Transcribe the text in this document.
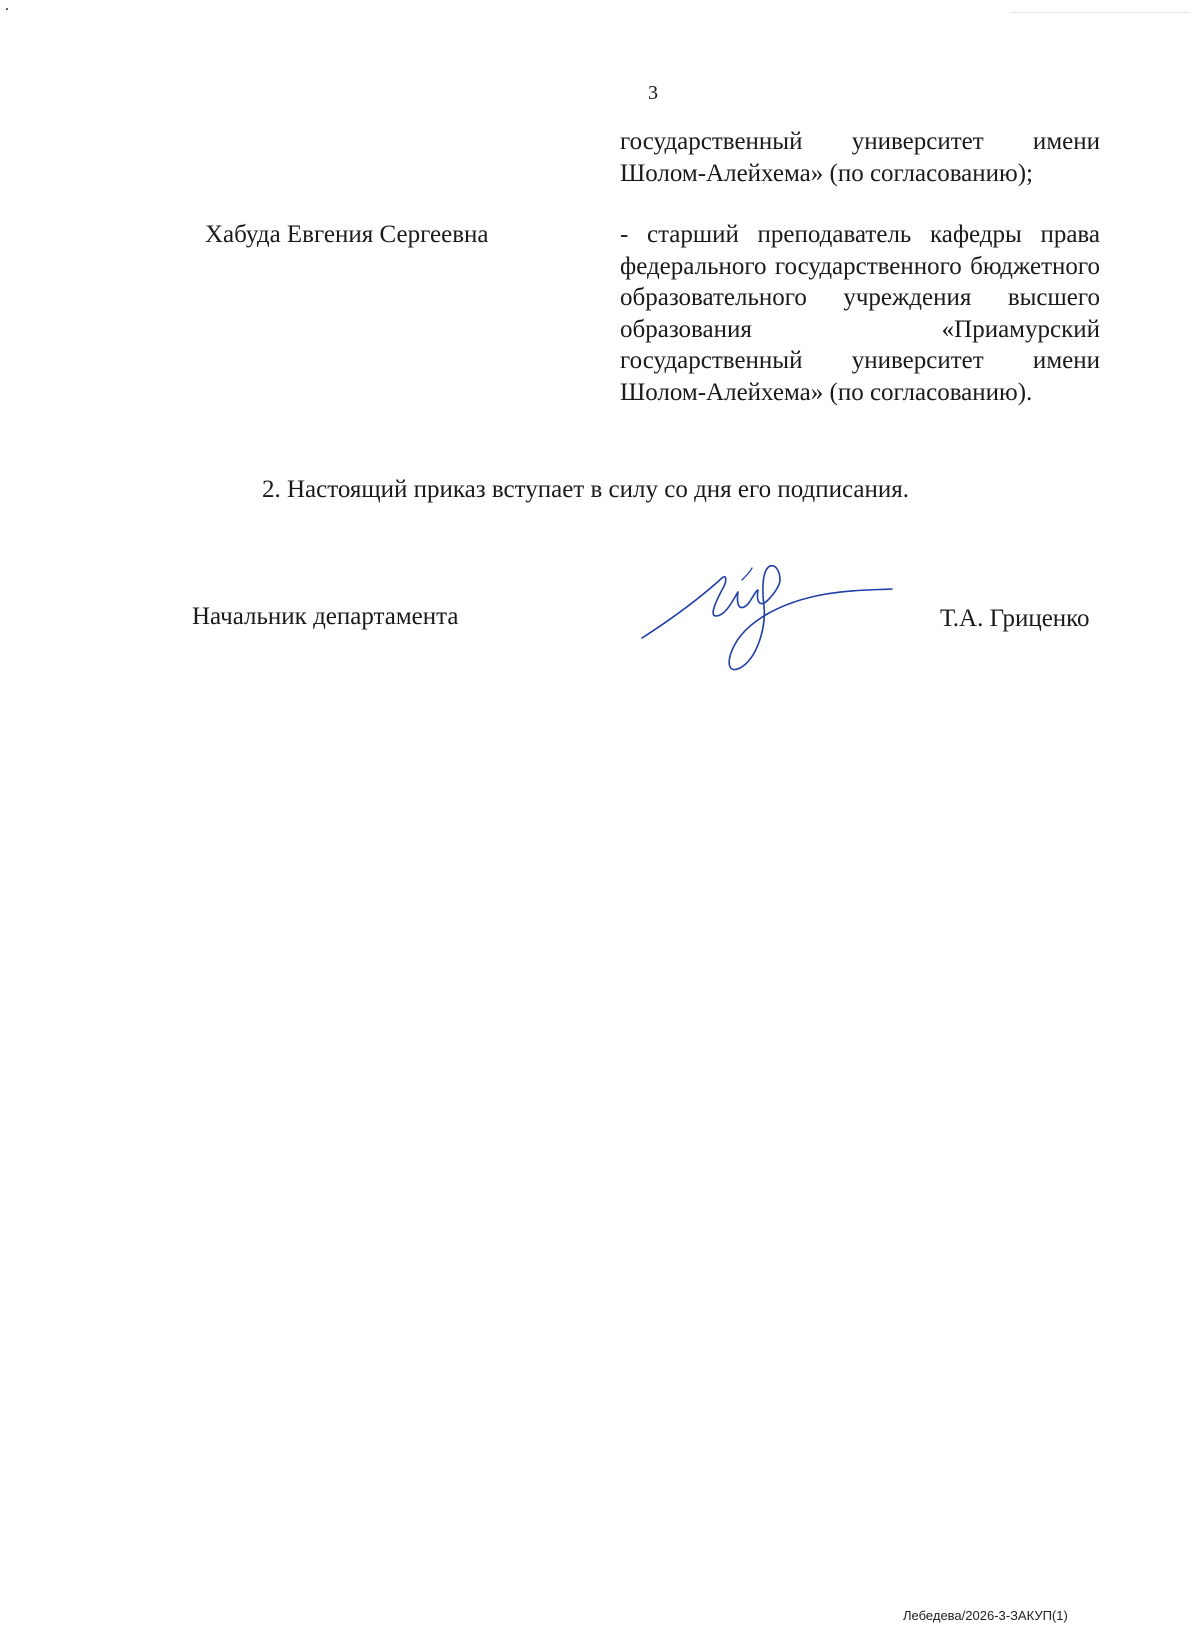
3
государственный университет имени Шолом-Алейхема» (по согласованию);
Хабуда Евгения Сергеевна	- старший преподаватель кафедры права федерального государственного бюджетного образовательного учреждения высшего образования «Приамурский государственный университет имени Шолом-Алейхема» (по согласованию).
2. Настоящий приказ вступает в силу со дня его подписания.
Начальник департамента	Т.А. Гриценко
Лебедева/2026-3-ЗАКУП(1)
